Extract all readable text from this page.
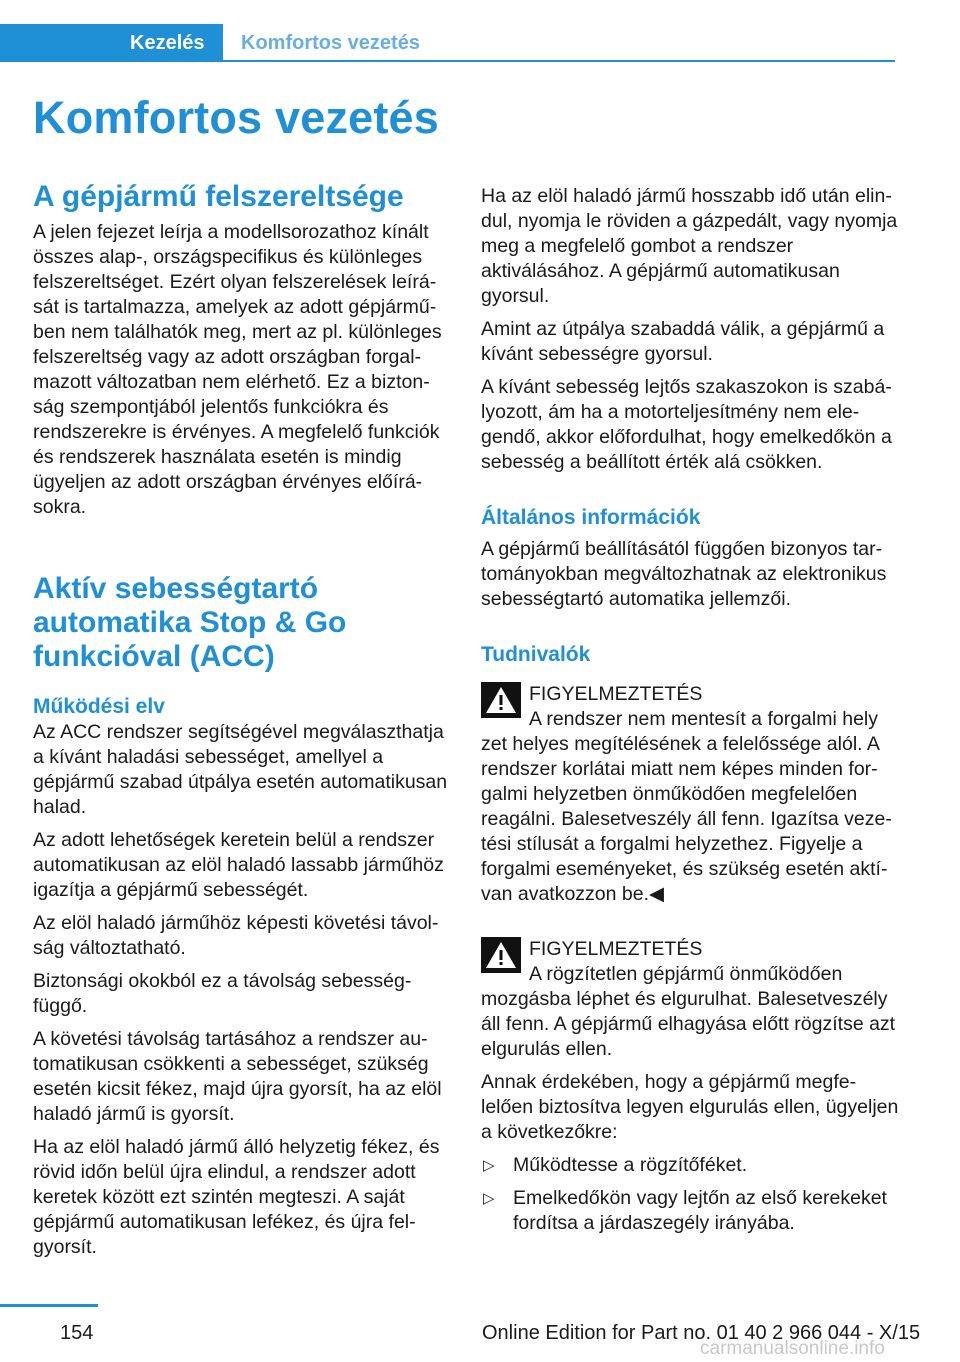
Kezelés	Komfortos vezetés
Komfortos vezetés
A gépjármű felszereltsége

A jelen fejezet leírja a modellsorozathoz kínált összes alap-, országspecifikus és különleges felszereltséget. Ezért olyan felszerelések leírását is tartalmazza, amelyek az adott gépjárműben nem találhatók meg, mert az pl. különleges felszereltség vagy az adott országban forgalmazott változatban nem elérhető. Ez a biztonság szempontjából jelentős funkciókra és rendszerekre is érvényes. A megfelelő funkciók és rendszerek használata esetén is mindig ügyeljen az adott országban érvényes előírásokra.

Aktív sebességtartó automatika Stop & Go funkcióval (ACC)
Működési elv

Az ACC rendszer segítségével megválaszthatja a kívánt haladási sebességet, amellyel a gépjármű szabad útpálya esetén automatikusan halad.

Az adott lehetőségek keretein belül a rendszer automatikusan az elöl haladó lassabb járműhöz igazítja a gépjármű sebességét.

Az elöl haladó járműhöz képesti követési távolság változtatható.

Biztonsági okokból ez a távolság sebességfüggő.

A követési távolság tartásához a rendszer automatikusan csökkenti a sebességet, szükség esetén kicsit fékez, majd újra gyorsít, ha az elöl haladó jármű is gyorsít.

Ha az elöl haladó jármű álló helyzetig fékez, és rövid időn belül újra elindul, a rendszer adott keretek között ezt szintén megteszi. A saját gépjármű automatikusan lefékez, és újra felgyorsít.

Ha az elöl haladó jármű hosszabb idő után elindul, nyomja le röviden a gázpedált, vagy nyomja meg a megfelelő gombot a rendszer aktiválásához. A gépjármű automatikusan gyorsul.

Amint az útpálya szabaddá válik, a gépjármű a kívánt sebességre gyorsul.

A kívánt sebesség lejtős szakaszokon is szabályozott, ám ha a motorteljesítmény nem elegendő, akkor előfordulhat, hogy emelkedőkön a sebesség a beállított érték alá csökken.

Általános információk

A gépjármű beállításától függően bizonyos tartományokban megváltozhatnak az elektronikus sebességtartó automatika jellemzői.

Tudnivalók

FIGYELMEZTETÉS

A rendszer nem mentesít a forgalmi hely

zet helyes megítélésének a felelőssége alól. A rendszer korlátai miatt nem képes minden forgalmi helyzetben önműködően megfelelően reagálni. Balesetveszély áll fenn. Igazítsa vezetési stílusát a forgalmi helyzethez. Figyelje a forgalmi eseményeket, és szükség esetén aktívan avatkozzon be.◀

FIGYELMEZTETÉS

A rögzítetlen gépjármű önműködően

mozgásba léphet és elgurulhat. Balesetveszély áll fenn. A gépjármű elhagyása előtt rögzítse azt elgurulás ellen.

Annak érdekében, hogy a gépjármű megfelelően biztosítva legyen elgurulás ellen, ügyeljen a következőkre:

▷ Működtesse a rögzítőféket.
▷ Emelkedőkön vagy lejtőn az első kerekeket fordítsa a járdaszegély irányába.
154	Online Edition for Part no. 01 40 2 966 044 - X/15
carmanualsonline.info
